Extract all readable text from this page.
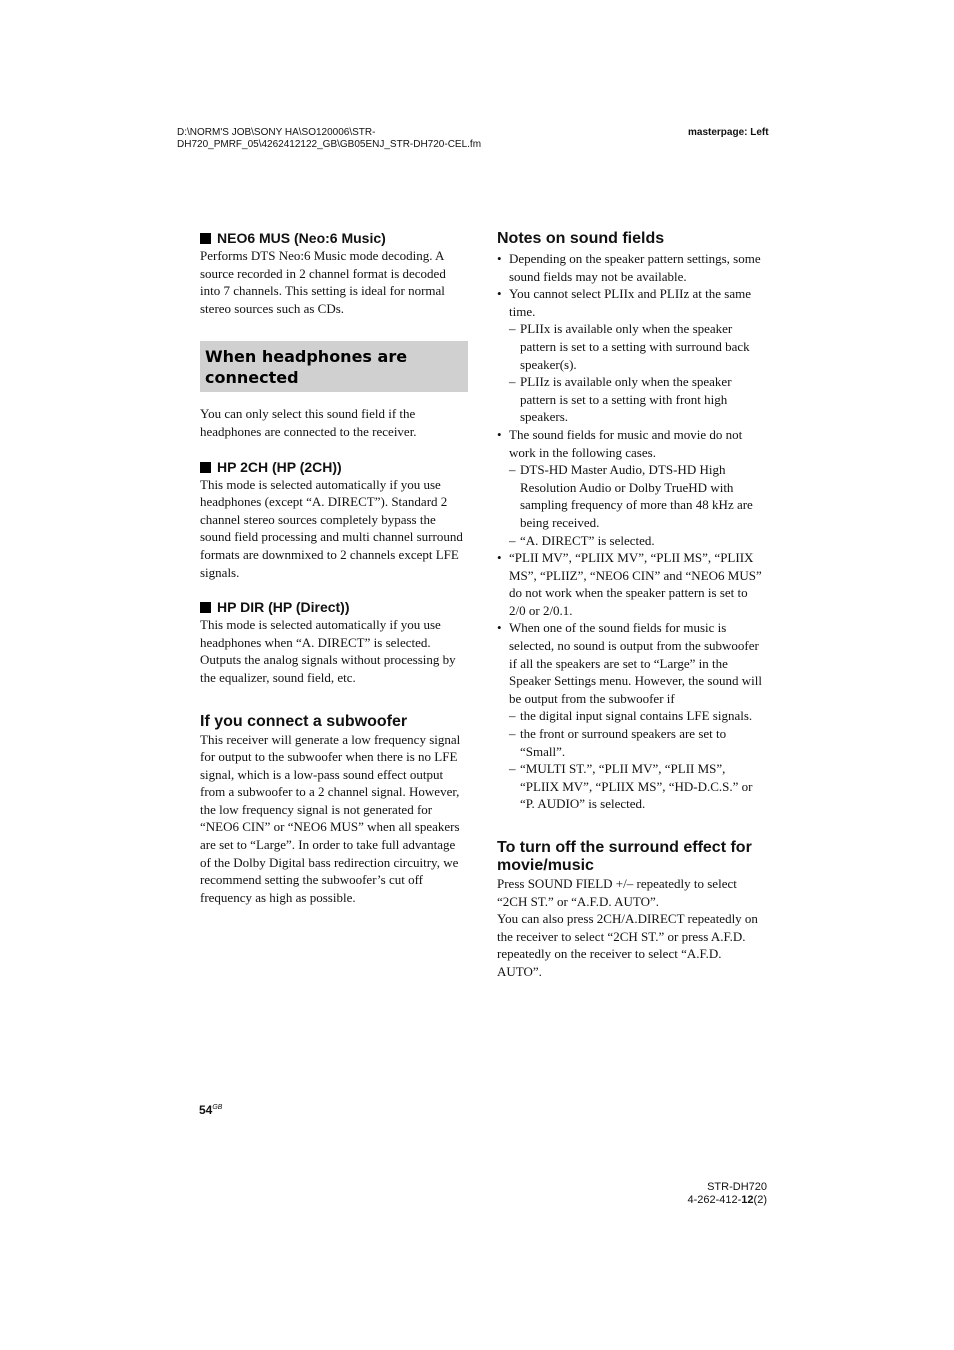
D:\NORM'S JOB\SONY HA\SO120006\STR-
DH720_PMRF_05\4262412122_GB\GB05ENJ_STR-DH720-CEL.fm
masterpage: Left
NEO6 MUS (Neo:6 Music)

Performs DTS Neo:6 Music mode decoding. A source recorded in 2 channel format is decoded into 7 channels. This setting is ideal for normal stereo sources such as CDs.

When headphones are
connected

You can only select this sound field if the headphones are connected to the receiver.

HP 2CH (HP (2CH))

This mode is selected automatically if you use headphones (except “A. DIRECT”). Standard 2 channel stereo sources completely bypass the sound field processing and multi channel surround formats are downmixed to 2 channels except LFE signals.

HP DIR (HP (Direct))

This mode is selected automatically if you use headphones when “A. DIRECT” is selected. Outputs the analog signals without processing by the equalizer, sound field, etc.

If you connect a subwoofer

This receiver will generate a low frequency signal for output to the subwoofer when there is no LFE signal, which is a low-pass sound effect output from a subwoofer to a 2 channel signal. However, the low frequency signal is not generated for “NEO6 CIN” or “NEO6 MUS” when all speakers are set to “Large”. In order to take full advantage of the Dolby Digital bass redirection circuitry, we recommend setting the subwoofer’s cut off frequency as high as possible.

Notes on sound fields
• Depending on the speaker pattern settings, some sound fields may not be available.
• You cannot select PLIIx and PLIIz at the same time.
– PLIIx is available only when the speaker pattern is set to a setting with surround back speaker(s).
– PLIIz is available only when the speaker pattern is set to a setting with front high speakers.
• The sound fields for music and movie do not work in the following cases.
– DTS-HD Master Audio, DTS-HD High Resolution Audio or Dolby TrueHD with sampling frequency of more than 48 kHz are being received.
– “A. DIRECT” is selected.
• “PLII MV”, “PLIIX MV”, “PLII MS”, “PLIIX MS”, “PLIIZ”, “NEO6 CIN” and “NEO6 MUS” do not work when the speaker pattern is set to 2/0 or 2/0.1.
• When one of the sound fields for music is selected, no sound is output from the subwoofer if all the speakers are set to “Large” in the Speaker Settings menu. However, the sound will be output from the subwoofer if
– the digital input signal contains LFE signals.
– the front or surround speakers are set to “Small”.
– “MULTI ST.”, “PLII MV”, “PLII MS”, “PLIIX MV”, “PLIIX MS”, “HD-D.C.S.” or “P. AUDIO” is selected.
To turn off the surround effect for movie/music

Press SOUND FIELD +/– repeatedly to select “2CH ST.” or “A.F.D. AUTO”.

You can also press 2CH/A.DIRECT repeatedly on the receiver to select “2CH ST.” or press A.F.D. repeatedly on the receiver to select “A.F.D. AUTO”.

$54^{GB}$
STR-DH720
4-262-412-12(2)
